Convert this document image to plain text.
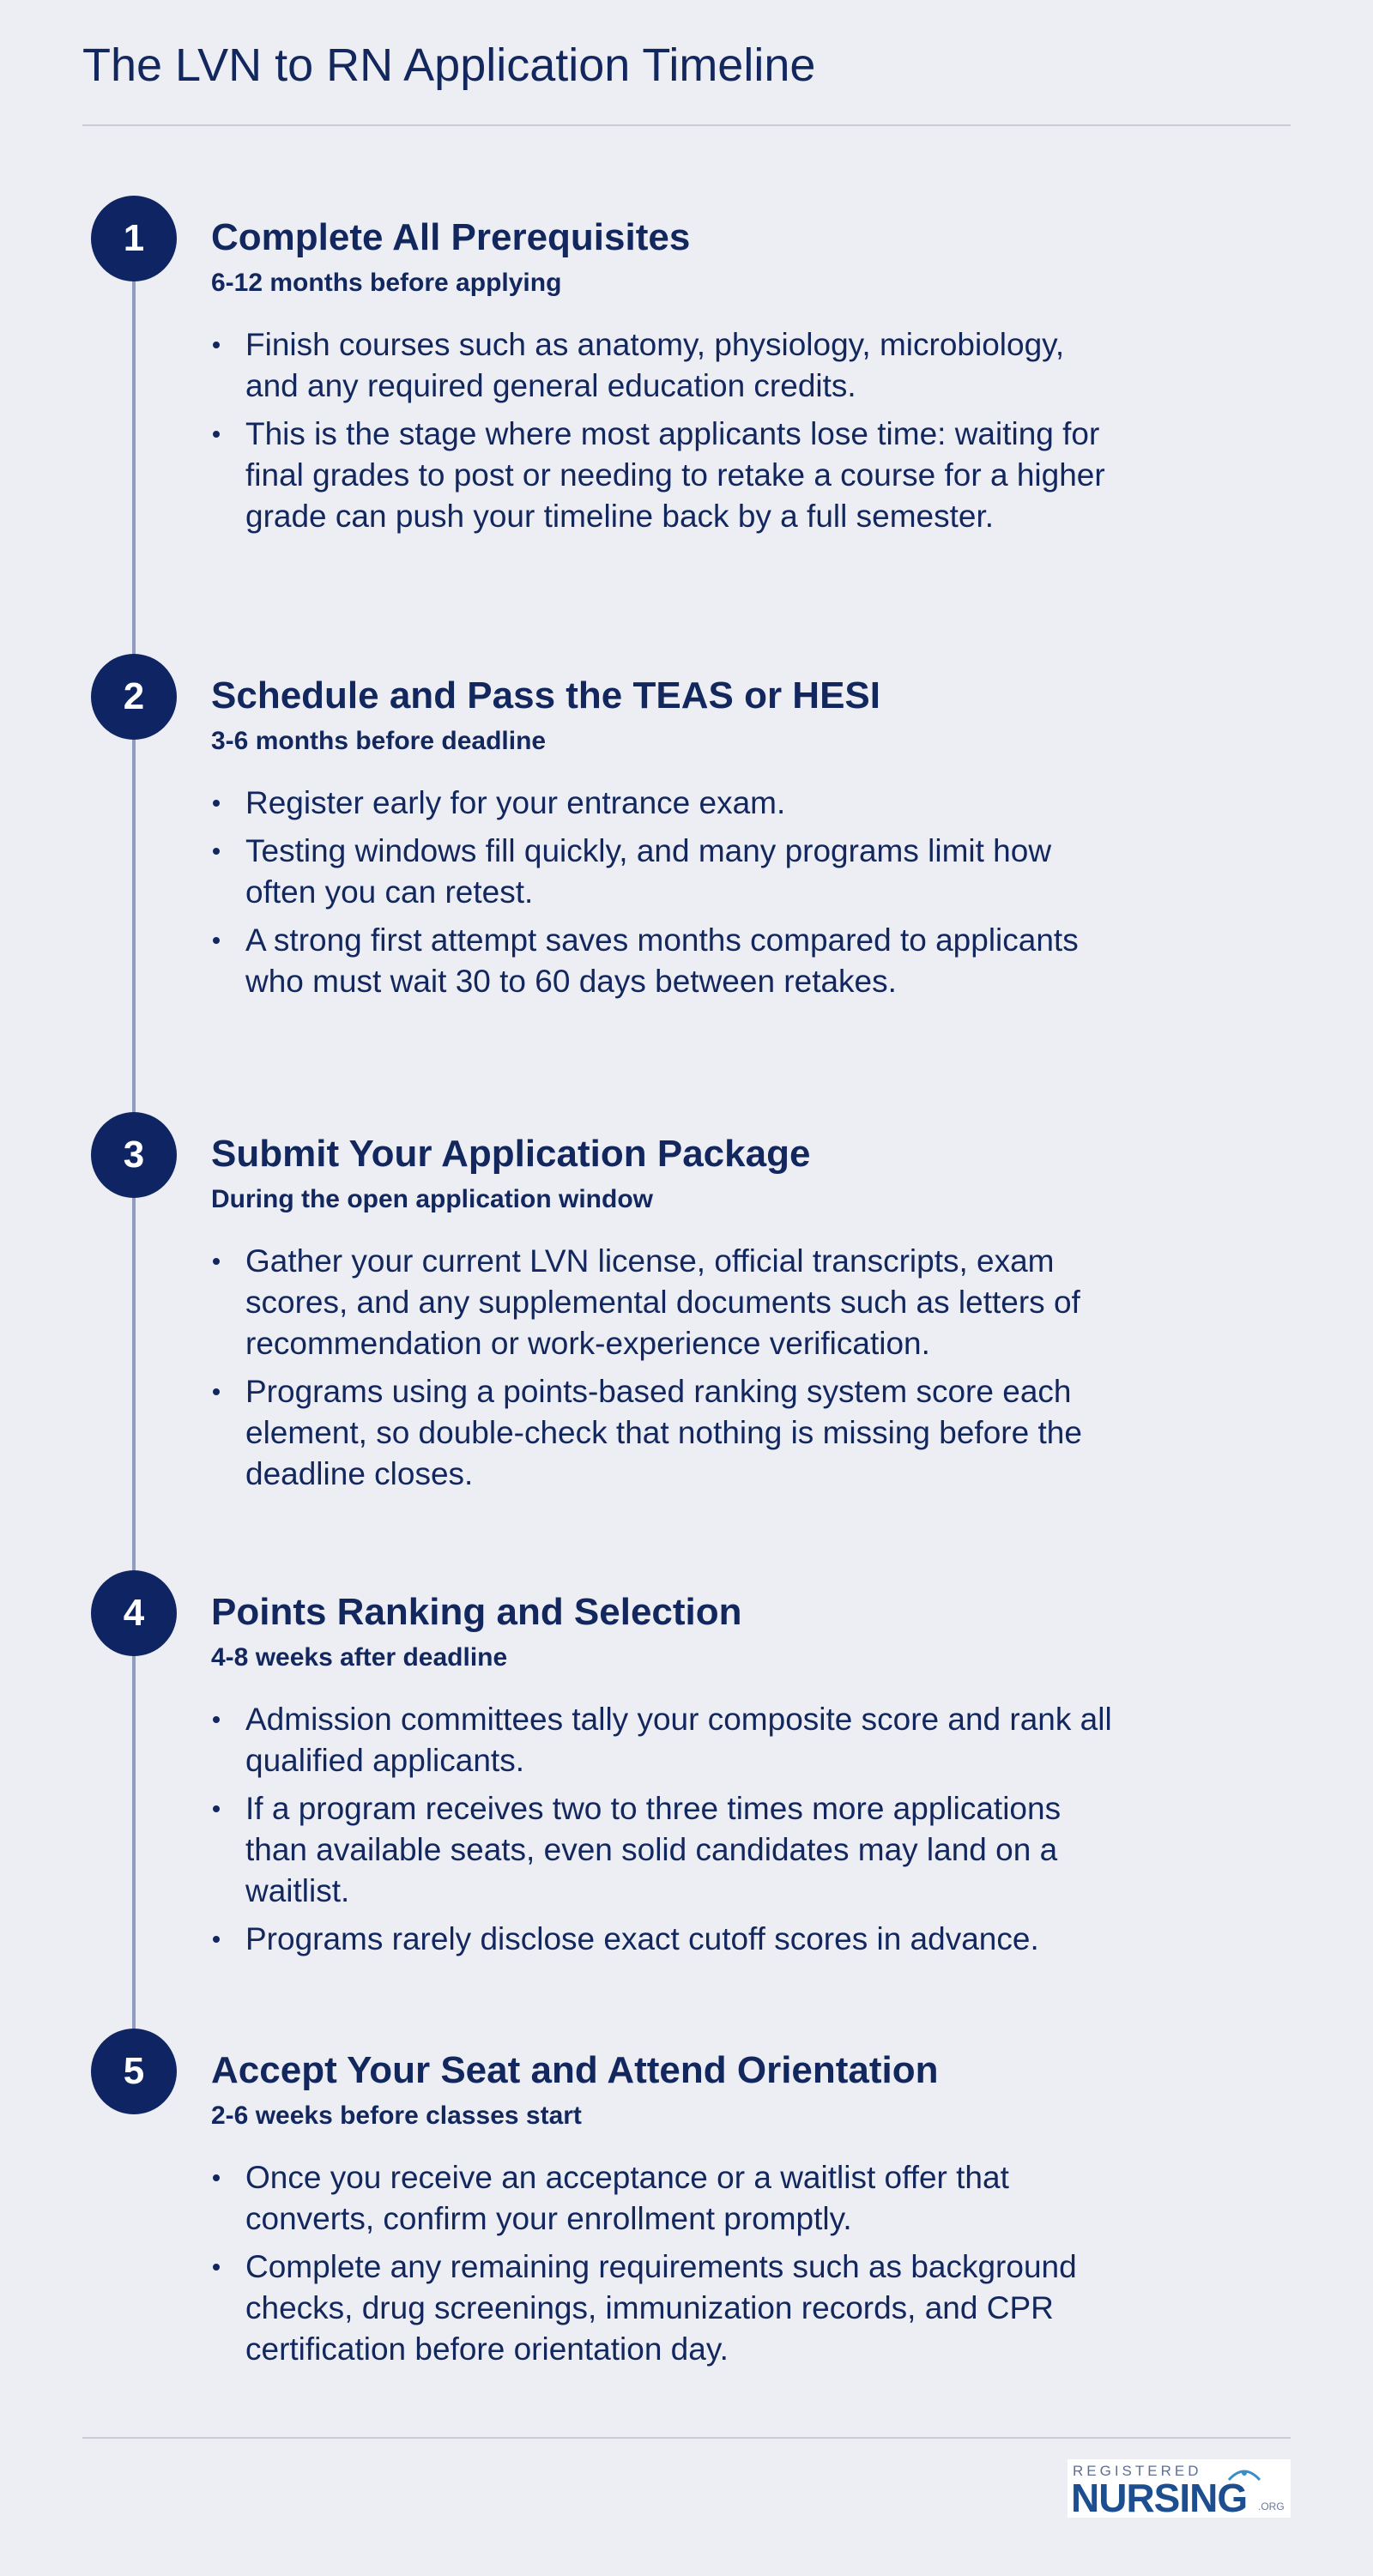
The LVN to RN Application Timeline
1	Complete All Prerequisites
6-12 months before applying
Finish courses such as anatomy, physiology, microbiology, and any required general education credits.
This is the stage where most applicants lose time: waiting for final grades to post or needing to retake a course for a higher grade can push your timeline back by a full semester.
2	Schedule and Pass the TEAS or HESI
3-6 months before deadline
Register early for your entrance exam.
Testing windows fill quickly, and many programs limit how often you can retest.
A strong first attempt saves months compared to applicants who must wait 30 to 60 days between retakes.
3	Submit Your Application Package
During the open application window
Gather your current LVN license, official transcripts, exam scores, and any supplemental documents such as letters of recommendation or work-experience verification.
Programs using a points-based ranking system score each element, so double-check that nothing is missing before the deadline closes.
4	Points Ranking and Selection
4-8 weeks after deadline
Admission committees tally your composite score and rank all qualified applicants.
If a program receives two to three times more applications than available seats, even solid candidates may land on a waitlist.
Programs rarely disclose exact cutoff scores in advance.
5	Accept Your Seat and Attend Orientation
2-6 weeks before classes start
Once you receive an acceptance or a waitlist offer that converts, confirm your enrollment promptly.
Complete any remaining requirements such as background checks, drug screenings, immunization records, and CPR certification before orientation day.
REGISTERED
NURSING .ORG
